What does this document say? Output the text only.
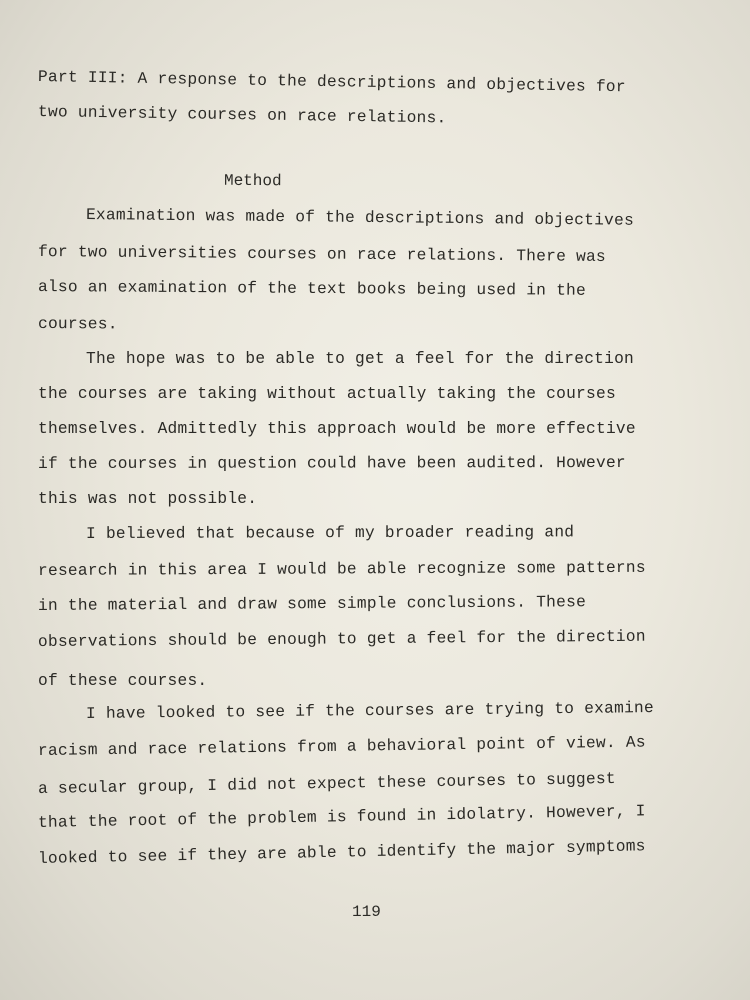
Part III: A response to the descriptions and objectives for
two university courses on race relations.
Method
Examination was made of the descriptions and objectives
for two universities courses on race relations. There was
also an examination of the text books being used in the
courses.
The hope was to be able to get a feel for the direction
the courses are taking without actually taking the courses
themselves. Admittedly this approach would be more effective
if the courses in question could have been audited. However
this was not possible.
I believed that because of my broader reading and
research in this area I would be able recognize some patterns
in the material and draw some simple conclusions. These
observations should be enough to get a feel for the direction
of these courses.
I have looked to see if the courses are trying to examine
racism and race relations from a behavioral point of view. As
a secular group, I did not expect these courses to suggest
that the root of the problem is found in idolatry. However, I
looked to see if they are able to identify the major symptoms
119
